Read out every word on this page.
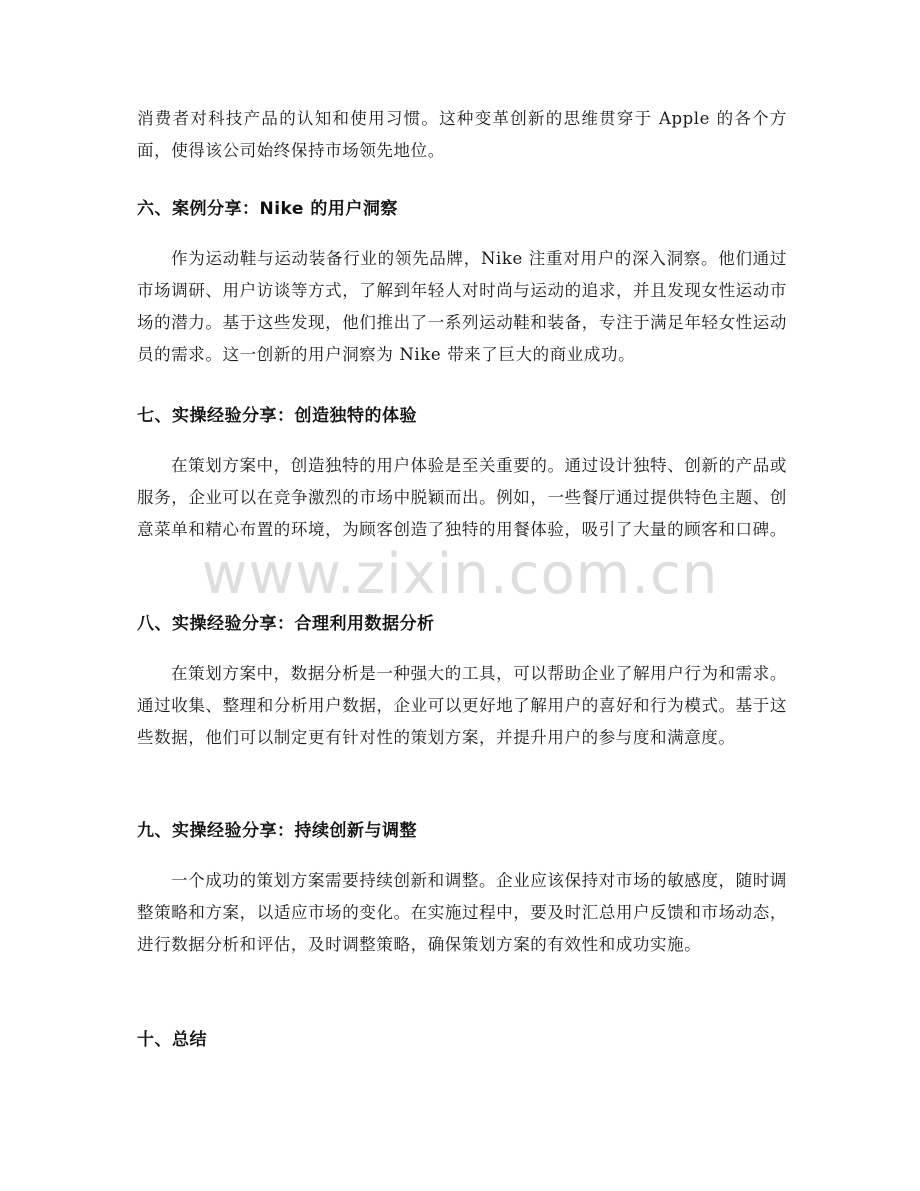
消费者对科技产品的认知和使用习惯。这种变革创新的思维贯穿于 Apple 的各个方面，使得该公司始终保持市场领先地位。

六、案例分享：Nike 的用户洞察

作为运动鞋与运动装备行业的领先品牌，Nike 注重对用户的深入洞察。他们通过市场调研、用户访谈等方式，了解到年轻人对时尚与运动的追求，并且发现女性运动市场的潜力。基于这些发现，他们推出了一系列运动鞋和装备，专注于满足年轻女性运动员的需求。这一创新的用户洞察为 Nike 带来了巨大的商业成功。

七、实操经验分享：创造独特的体验

在策划方案中，创造独特的用户体验是至关重要的。通过设计独特、创新的产品或服务，企业可以在竞争激烈的市场中脱颖而出。例如，一些餐厅通过提供特色主题、创意菜单和精心布置的环境，为顾客创造了独特的用餐体验，吸引了大量的顾客和口碑。

八、实操经验分享：合理利用数据分析

在策划方案中，数据分析是一种强大的工具，可以帮助企业了解用户行为和需求。通过收集、整理和分析用户数据，企业可以更好地了解用户的喜好和行为模式。基于这些数据，他们可以制定更有针对性的策划方案，并提升用户的参与度和满意度。

九、实操经验分享：持续创新与调整

一个成功的策划方案需要持续创新和调整。企业应该保持对市场的敏感度，随时调整策略和方案，以适应市场的变化。在实施过程中，要及时汇总用户反馈和市场动态，进行数据分析和评估，及时调整策略，确保策划方案的有效性和成功实施。

十、总结
www.zixin.com.cn
